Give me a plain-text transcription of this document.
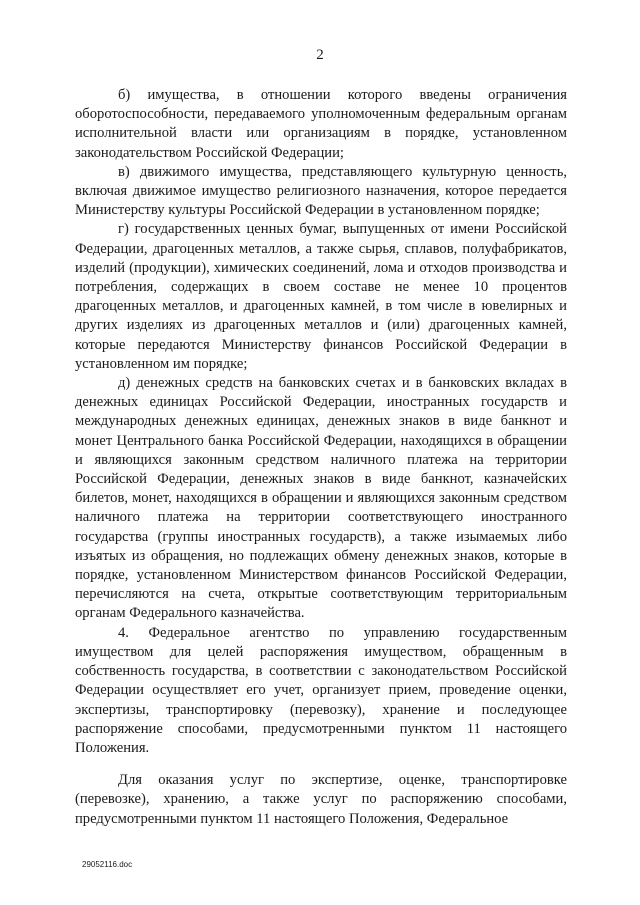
2

б) имущества, в отношении которого введены ограничения оборотоспособности, передаваемого уполномоченным федеральным органам исполнительной власти или организациям в порядке, установленном законодательством Российской Федерации;

в) движимого имущества, представляющего культурную ценность, включая движимое имущество религиозного назначения, которое передается Министерству культуры Российской Федерации в установленном порядке;

г) государственных ценных бумаг, выпущенных от имени Российской Федерации, драгоценных металлов, а также сырья, сплавов, полуфабрикатов, изделий (продукции), химических соединений, лома и отходов производства и потребления, содержащих в своем составе не менее 10 процентов драгоценных металлов, и драгоценных камней, в том числе в ювелирных и других изделиях из драгоценных металлов и (или) драгоценных камней, которые передаются Министерству финансов Российской Федерации в установленном им порядке;

д) денежных средств на банковских счетах и в банковских вкладах в денежных единицах Российской Федерации, иностранных государств и международных денежных единицах, денежных знаков в виде банкнот и монет Центрального банка Российской Федерации, находящихся в обращении и являющихся законным средством наличного платежа на территории Российской Федерации, денежных знаков в виде банкнот, казначейских билетов, монет, находящихся в обращении и являющихся законным средством наличного платежа на территории соответствующего иностранного государства (группы иностранных государств), а также изымаемых либо изъятых из обращения, но подлежащих обмену денежных знаков, которые в порядке, установленном Министерством финансов Российской Федерации, перечисляются на счета, открытые соответствующим территориальным органам Федерального казначейства.

4. Федеральное агентство по управлению государственным имуществом для целей распоряжения имуществом, обращенным в собственность государства, в соответствии с законодательством Российской Федерации осуществляет его учет, организует прием, проведение оценки, экспертизы, транспортировку (перевозку), хранение и последующее распоряжение способами, предусмотренными пунктом 11 настоящего Положения.

Для оказания услуг по экспертизе, оценке, транспортировке (перевозке), хранению, а также услуг по распоряжению способами, предусмотренными пунктом 11 настоящего Положения, Федеральное

29052116.doc
